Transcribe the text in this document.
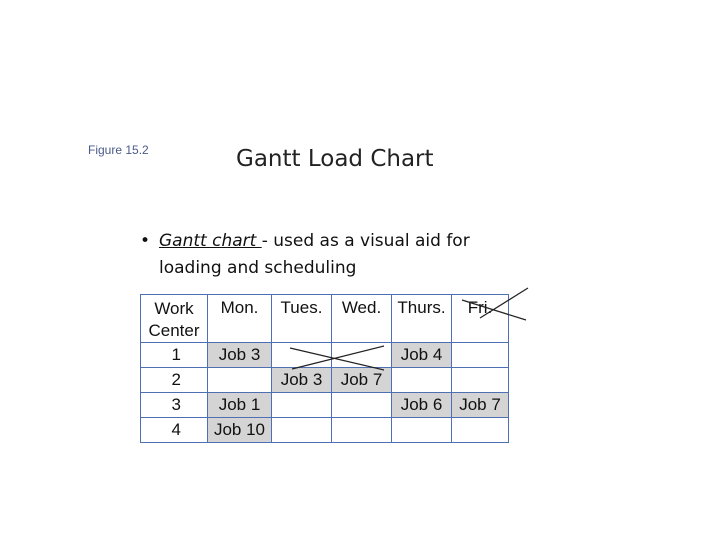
Figure 15.2	Gantt Load Chart
• Gantt chart - used as a visual aid for
loading and scheduling
Work
Center	Mon.	Tues.	Wed.	Thurs.	Fri.
1	Job 3			Job 4	
2		Job 3	Job 7		
3	Job 1			Job 6	Job 7
4	Job 10				
